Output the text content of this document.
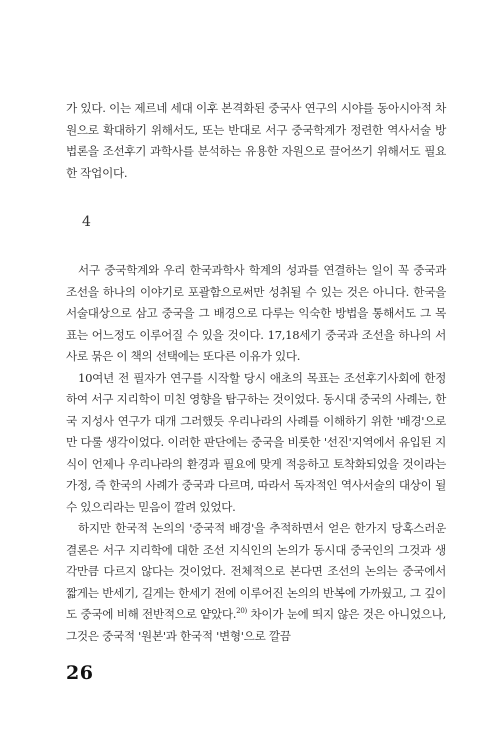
가 있다. 이는 제르네 세대 이후 본격화된 중국사 연구의 시야를 동아시아적 차원으로 확대하기 위해서도, 또는 반대로 서구 중국학계가 정련한 역사서술 방법론을 조선후기 과학사를 분석하는 유용한 자원으로 끌어쓰기 위해서도 필요한 작업이다.

4

서구 중국학계와 우리 한국과학사 학계의 성과를 연결하는 일이 꼭 중국과 조선을 하나의 이야기로 포괄함으로써만 성취될 수 있는 것은 아니다. 한국을 서술대상으로 삼고 중국을 그 배경으로 다루는 익숙한 방법을 통해서도 그 목표는 어느정도 이루어질 수 있을 것이다. 17,18세기 중국과 조선을 하나의 서사로 묶은 이 책의 선택에는 또다른 이유가 있다.

10여년 전 필자가 연구를 시작할 당시 애초의 목표는 조선후기사회에 한정하여 서구 지리학이 미친 영향을 탐구하는 것이었다. 동시대 중국의 사례는, 한국 지성사 연구가 대개 그러했듯 우리나라의 사례를 이해하기 위한 '배경'으로만 다룰 생각이었다. 이러한 판단에는 중국을 비롯한 '선진'지역에서 유입된 지식이 언제나 우리나라의 환경과 필요에 맞게 적응하고 토착화되었을 것이라는 가정, 즉 한국의 사례가 중국과 다르며, 따라서 독자적인 역사서술의 대상이 될 수 있으리라는 믿음이 깔려 있었다.

하지만 한국적 논의의 '중국적 배경'을 추적하면서 얻은 한가지 당혹스러운 결론은 서구 지리학에 대한 조선 지식인의 논의가 동시대 중국인의 그것과 생각만큼 다르지 않다는 것이었다. 전체적으로 본다면 조선의 논의는 중국에서 짧게는 반세기, 길게는 한세기 전에 이루어진 논의의 반복에 가까웠고, 그 깊이도 중국에 비해 전반적으로 얕았다.$^{20)}$ 차이가 눈에 띄지 않은 것은 아니었으나, 그것은 중국적 '원본'과 한국적 '변형'으로 깔끔

26
